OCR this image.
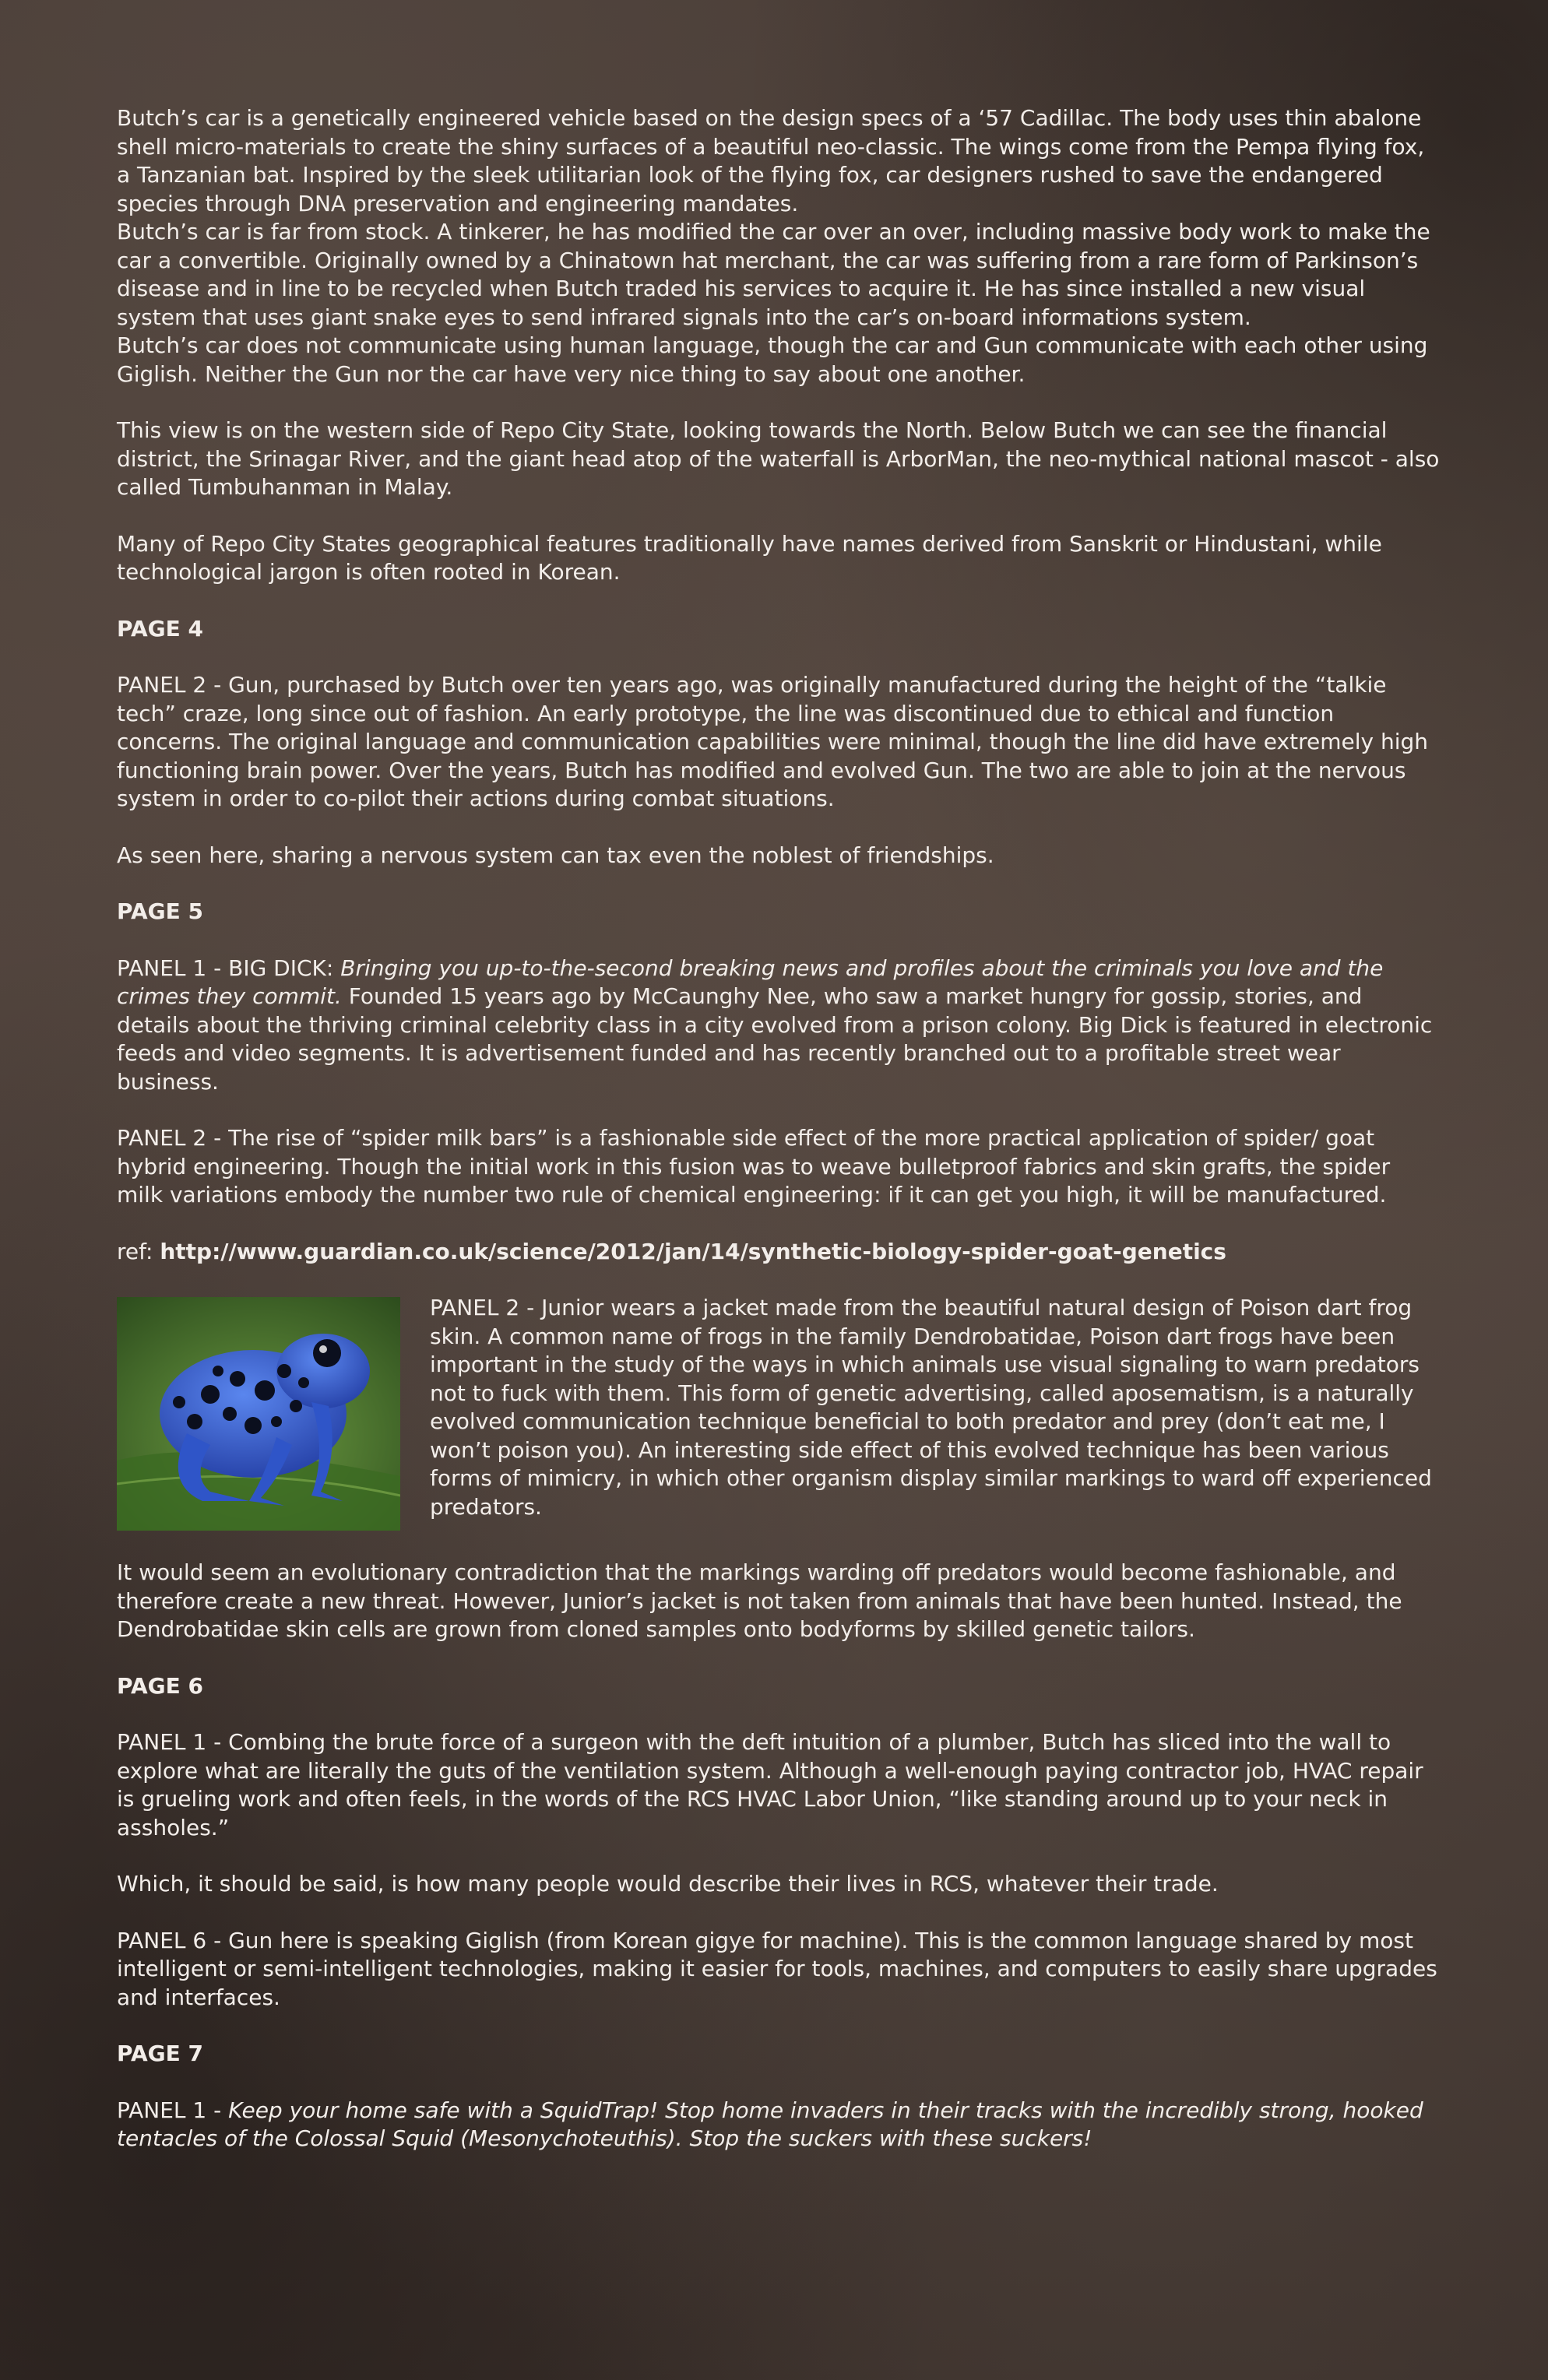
Butch’s car is a genetically engineered vehicle based on the design specs of a ‘57 Cadillac. The body uses thin abalone shell micro-materials to create the shiny surfaces of a beautiful neo-classic. The wings come from the Pempa flying fox, a Tanzanian bat. Inspired by the sleek utilitarian look of the flying fox, car designers rushed to save the endangered species through DNA preservation and engineering mandates.

Butch’s car is far from stock. A tinkerer, he has modified the car over an over, including massive body work to make the car a convertible. Originally owned by a Chinatown hat merchant, the car was suffering from a rare form of Parkinson’s disease and in line to be recycled when Butch traded his services to acquire it. He has since installed a new visual system that uses giant snake eyes to send infrared signals into the car’s on-board informations system.

Butch’s car does not communicate using human language, though the car and Gun communicate with each other using Giglish. Neither the Gun nor the car have very nice thing to say about one another.

This view is on the western side of Repo City State, looking towards the North. Below Butch we can see the financial district, the Srinagar River, and the giant head atop of the waterfall is ArborMan, the neo-mythical national mascot - also called Tumbuhanman in Malay.

Many of Repo City States geographical features traditionally have names derived from Sanskrit or Hindustani, while technological jargon is often rooted in Korean.

PAGE 4

PANEL 2 - Gun, purchased by Butch over ten years ago, was originally manufactured during the height of the “talkie tech” craze, long since out of fashion. An early prototype, the line was discontinued due to ethical and function concerns. The original language and communication capabilities were minimal, though the line did have extremely high functioning brain power. Over the years, Butch has modified and evolved Gun. The two are able to join at the nervous system in order to co-pilot their actions during combat situations.

As seen here, sharing a nervous system can tax even the noblest of friendships.

PAGE 5

PANEL 1 - BIG DICK: Bringing you up-to-the-second breaking news and profiles about the criminals you love and the crimes they commit. Founded 15 years ago by McCaunghy Nee, who saw a market hungry for gossip, stories, and details about the thriving criminal celebrity class in a city evolved from a prison colony. Big Dick is featured in electronic feeds and video segments. It is advertisement funded and has recently branched out to a profitable street wear business.

PANEL 2 - The rise of “spider milk bars” is a fashionable side effect of the more practical application of spider/ goat hybrid engineering. Though the initial work in this fusion was to weave bulletproof fabrics and skin grafts, the spider milk variations embody the number two rule of chemical engineering: if it can get you high, it will be manufactured.

ref: http://www.guardian.co.uk/science/2012/jan/14/synthetic-biology-spider-goat-genetics

PANEL 2 - Junior wears a jacket made from the beautiful natural design of Poison dart frog skin. A common name of frogs in the family Dendrobatidae, Poison dart frogs have been important in the study of the ways in which animals use visual signaling to warn predators not to fuck with them. This form of genetic advertising, called aposematism, is a naturally evolved communication technique beneficial to both predator and prey (don’t eat me, I won’t poison you). An interesting side effect of this evolved technique has been various forms of mimicry, in which other organism display similar markings to ward off experienced predators.

It would seem an evolutionary contradiction that the markings warding off predators would become fashionable, and therefore create a new threat. However, Junior’s jacket is not taken from animals that have been hunted. Instead, the Dendrobatidae skin cells are grown from cloned samples onto bodyforms by skilled genetic tailors.

PAGE 6

PANEL 1 - Combing the brute force of a surgeon with the deft intuition of a plumber, Butch has sliced into the wall to explore what are literally the guts of the ventilation system. Although a well-enough paying contractor job, HVAC repair is grueling work and often feels, in the words of the RCS HVAC Labor Union, “like standing around up to your neck in assholes.”

Which, it should be said, is how many people would describe their lives in RCS, whatever their trade.

PANEL 6 - Gun here is speaking Giglish (from Korean gigye for machine). This is the common language shared by most intelligent or semi-intelligent technologies, making it easier for tools, machines, and computers to easily share upgrades and interfaces.

PAGE 7

PANEL 1 - Keep your home safe with a SquidTrap! Stop home invaders in their tracks with the incredibly strong, hooked tentacles of the Colossal Squid (Mesonychoteuthis). Stop the suckers with these suckers!
